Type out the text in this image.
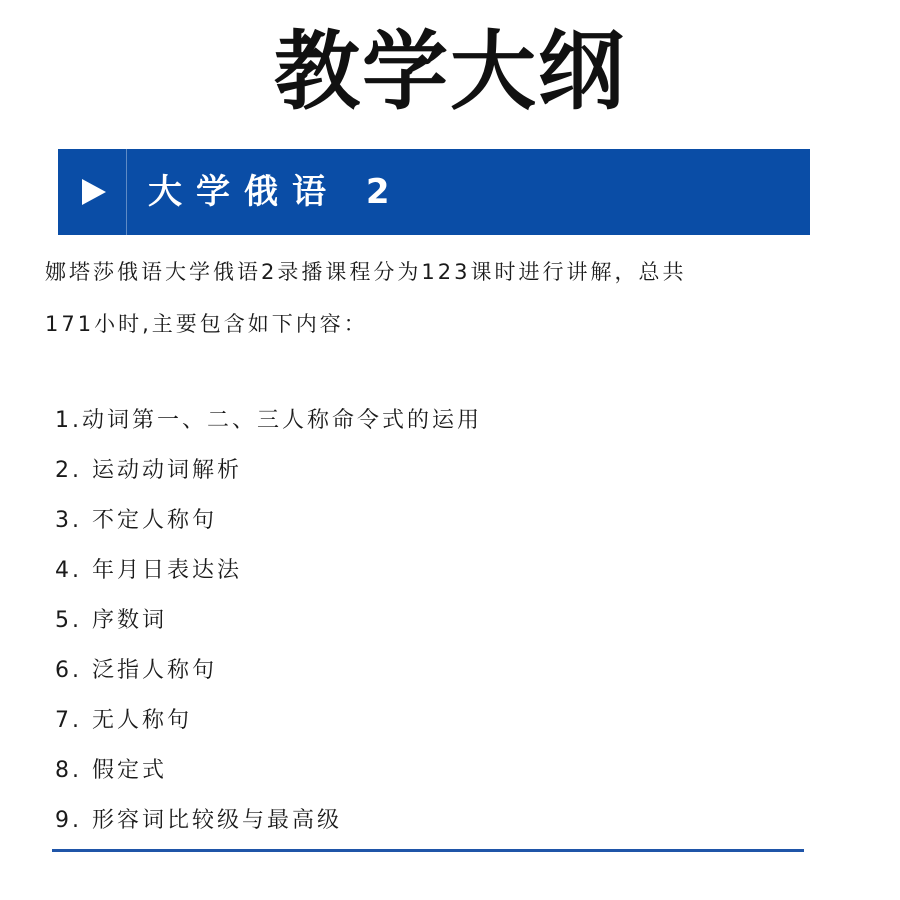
教学大纲
大学俄语 2

娜塔莎俄语大学俄语2录播课程分为123课时进行讲解，总共

171小时,主要包含如下内容：

1.动词第一、二、三人称命令式的运用
2. 运动动词解析
3. 不定人称句
4. 年月日表达法
5. 序数词
6. 泛指人称句
7. 无人称句
8. 假定式
9. 形容词比较级与最高级
